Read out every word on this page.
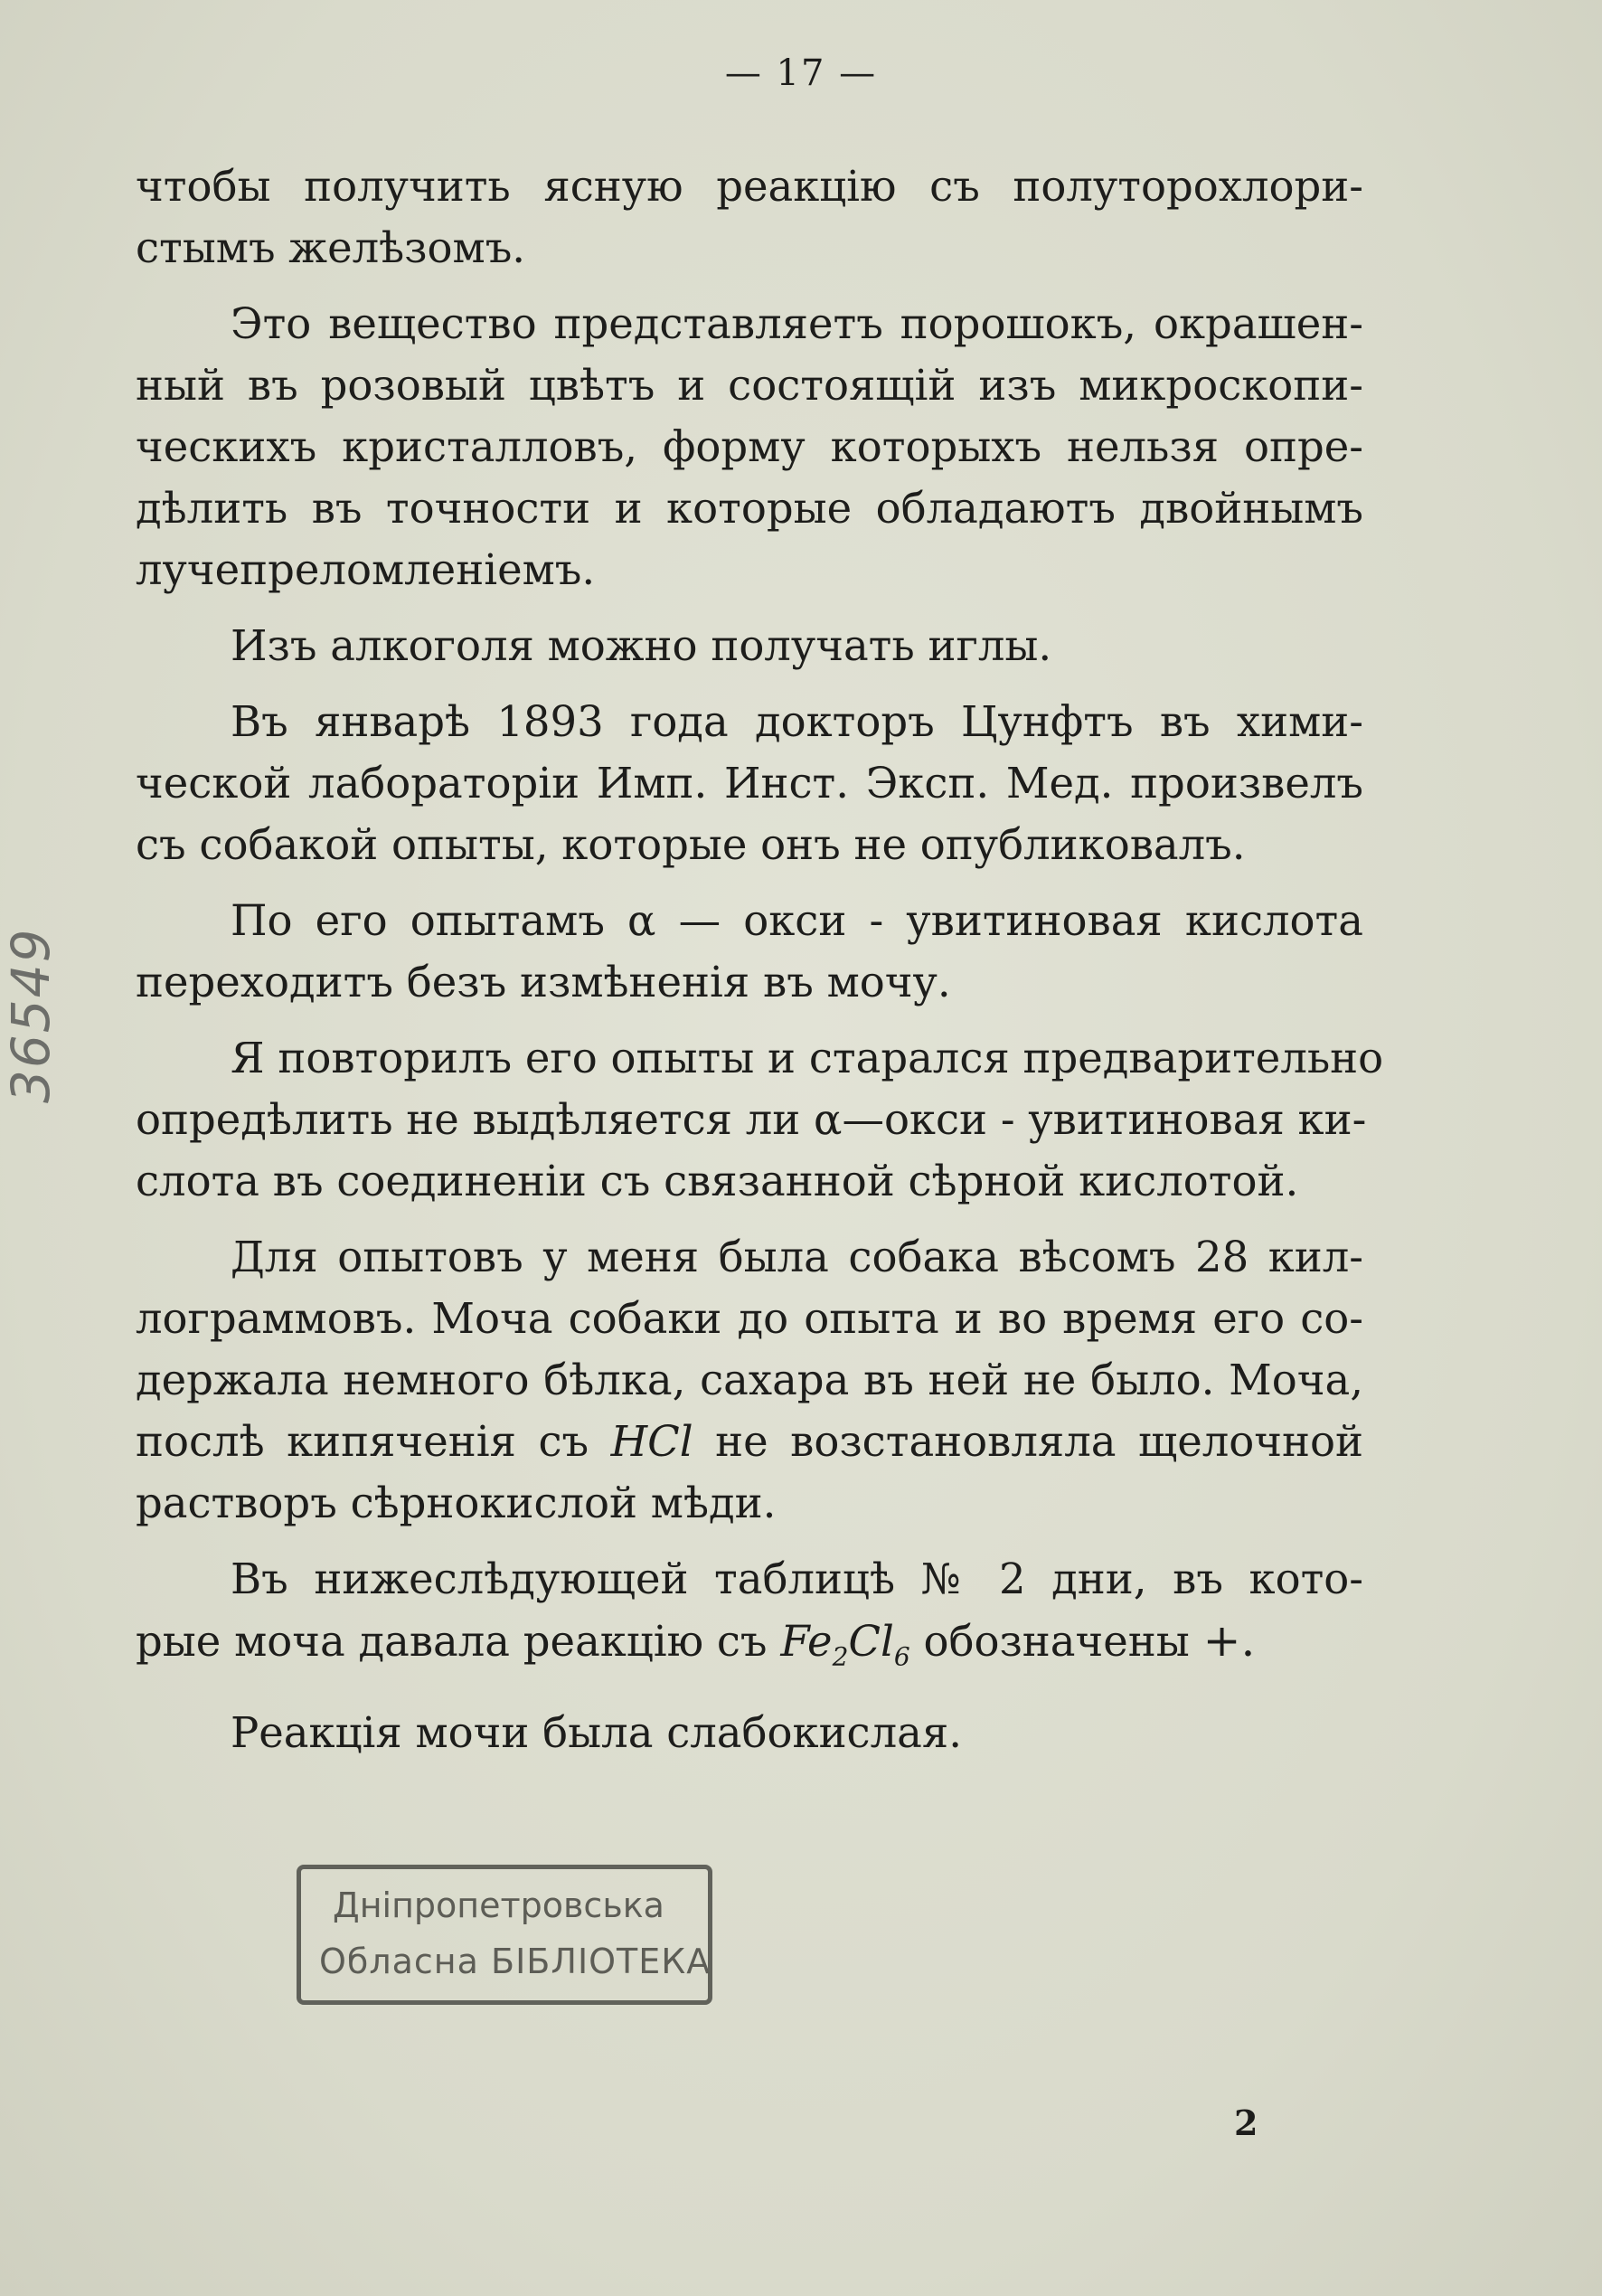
— 17 —
36549

чтобы получить ясную реакцію съ полуторохлори-
стымъ желѣзомъ.

Это вещество представляетъ порошокъ, окрашен-
ный въ розовый цвѣтъ и состоящій изъ микроскопи-
ческихъ кристалловъ, форму которыхъ нельзя опре-
дѣлить въ точности и которые обладаютъ двойнымъ
лучепреломленіемъ.

Изъ алкоголя можно получать иглы.

Въ январѣ 1893 года докторъ Цунфтъ въ хими-
ческой лабораторіи Имп. Инст. Эксп. Мед. произвелъ
съ собакой опыты, которые онъ не опубликовалъ.

По его опытамъ α — окси - увитиновая кислота
переходитъ безъ измѣненія въ мочу.

Я повторилъ его опыты и старался предварительно
опредѣлить не выдѣляется ли α—окси - увитиновая ки-
слота въ соединеніи съ связанной сѣрной кислотой.

Для опытовъ у меня была собака вѣсомъ 28 кил-
лограммовъ. Моча собаки до опыта и во время его со-
держала немного бѣлка, сахара въ ней не было. Моча,
послѣ кипяченія съ HCl не возстановляла щелочной
растворъ сѣрнокислой мѣди.

Въ нижеслѣдующей таблицѣ № 2 дни, въ кото-
рые моча давала реакцію съ $Fe_2Cl_6$ обозначены +.

Реакція мочи была слабокислая.

Дніпропетровська
Обласна БІБЛІОТЕКА
2
